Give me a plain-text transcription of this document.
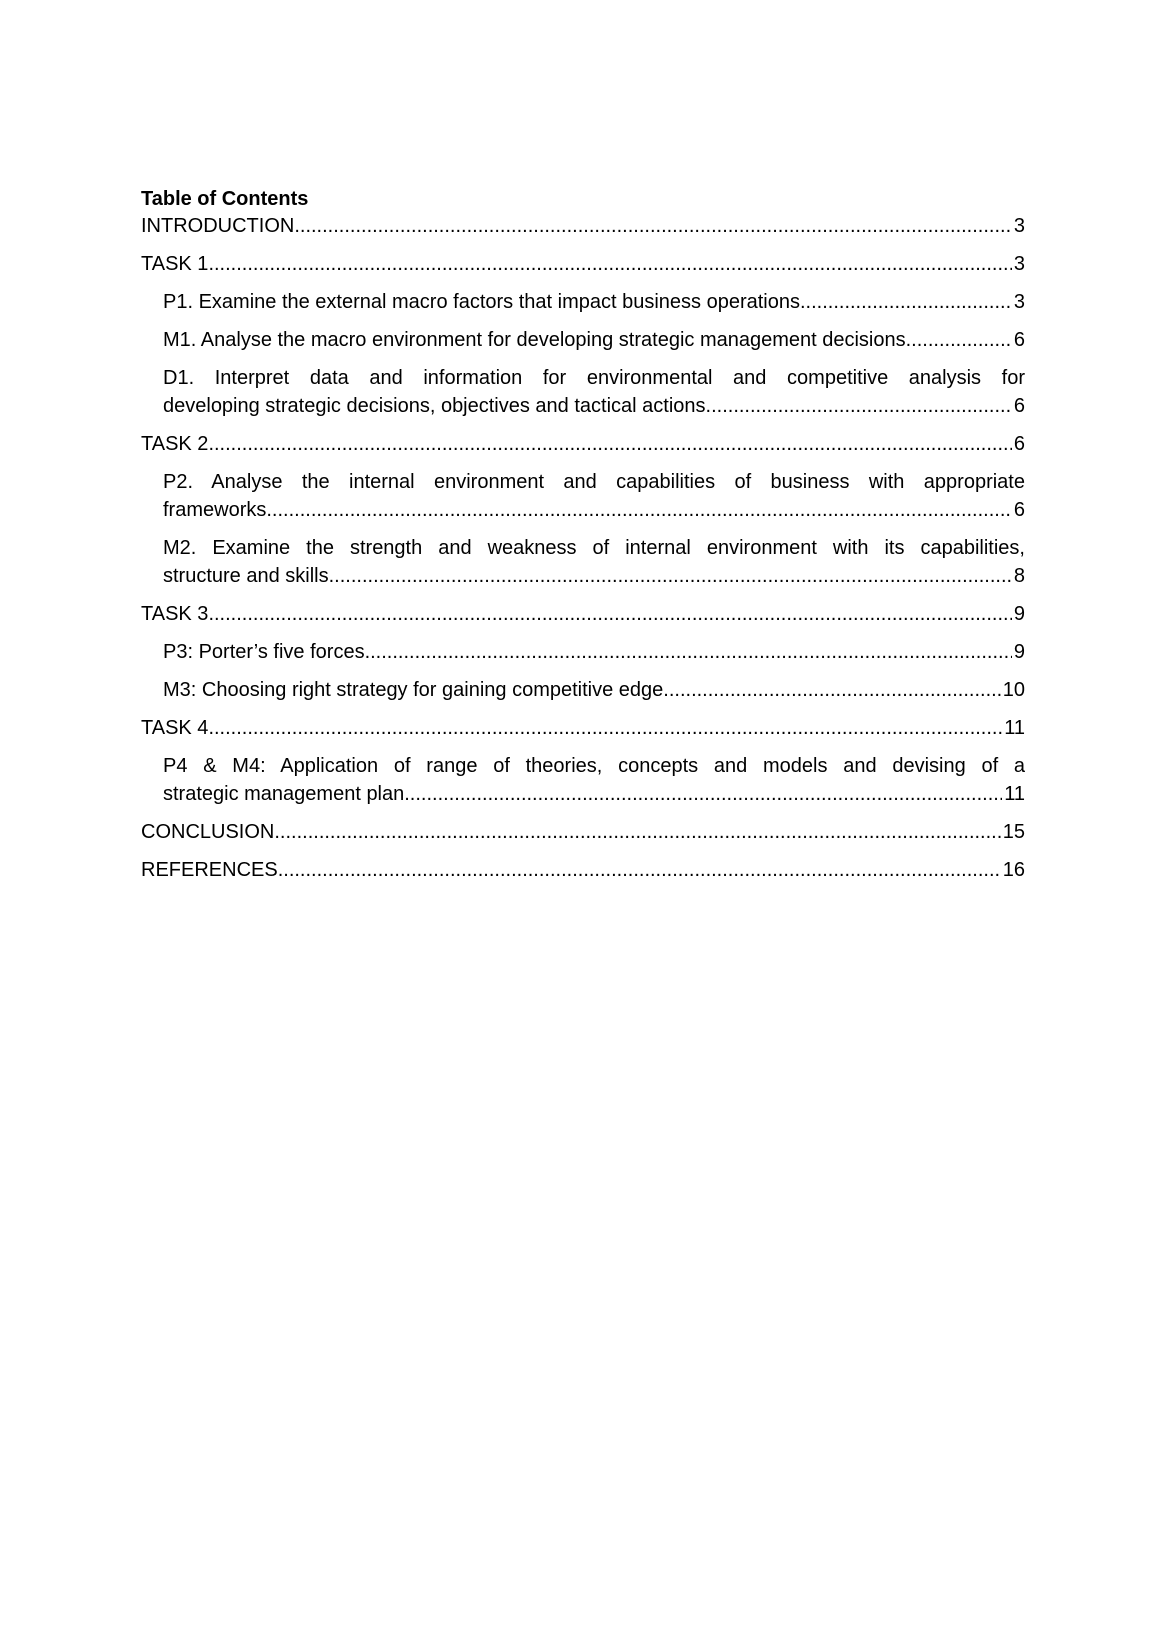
Table of Contents
INTRODUCTION .....	3
TASK 1 .....	3
P1. Examine the external macro factors that impact business operations .....	3
M1. Analyse the macro environment for developing strategic management decisions .....	6
D1. Interpret data and information for environmental and competitive analysis for
developing strategic decisions, objectives and tactical actions .....	6
TASK 2 .....	6
P2. Analyse the internal environment and capabilities of business with appropriate
frameworks .....	6
M2. Examine the strength and weakness of internal environment with its capabilities,
structure and skills .....	8
TASK 3 .....	9
P3: Porter’s five forces .....	9
M3: Choosing right strategy for gaining competitive edge .....	10
TASK 4 .....	11
P4 & M4: Application of range of theories, concepts and models and devising of a
strategic management plan .....	11
CONCLUSION .....	15
REFERENCES .....	16
